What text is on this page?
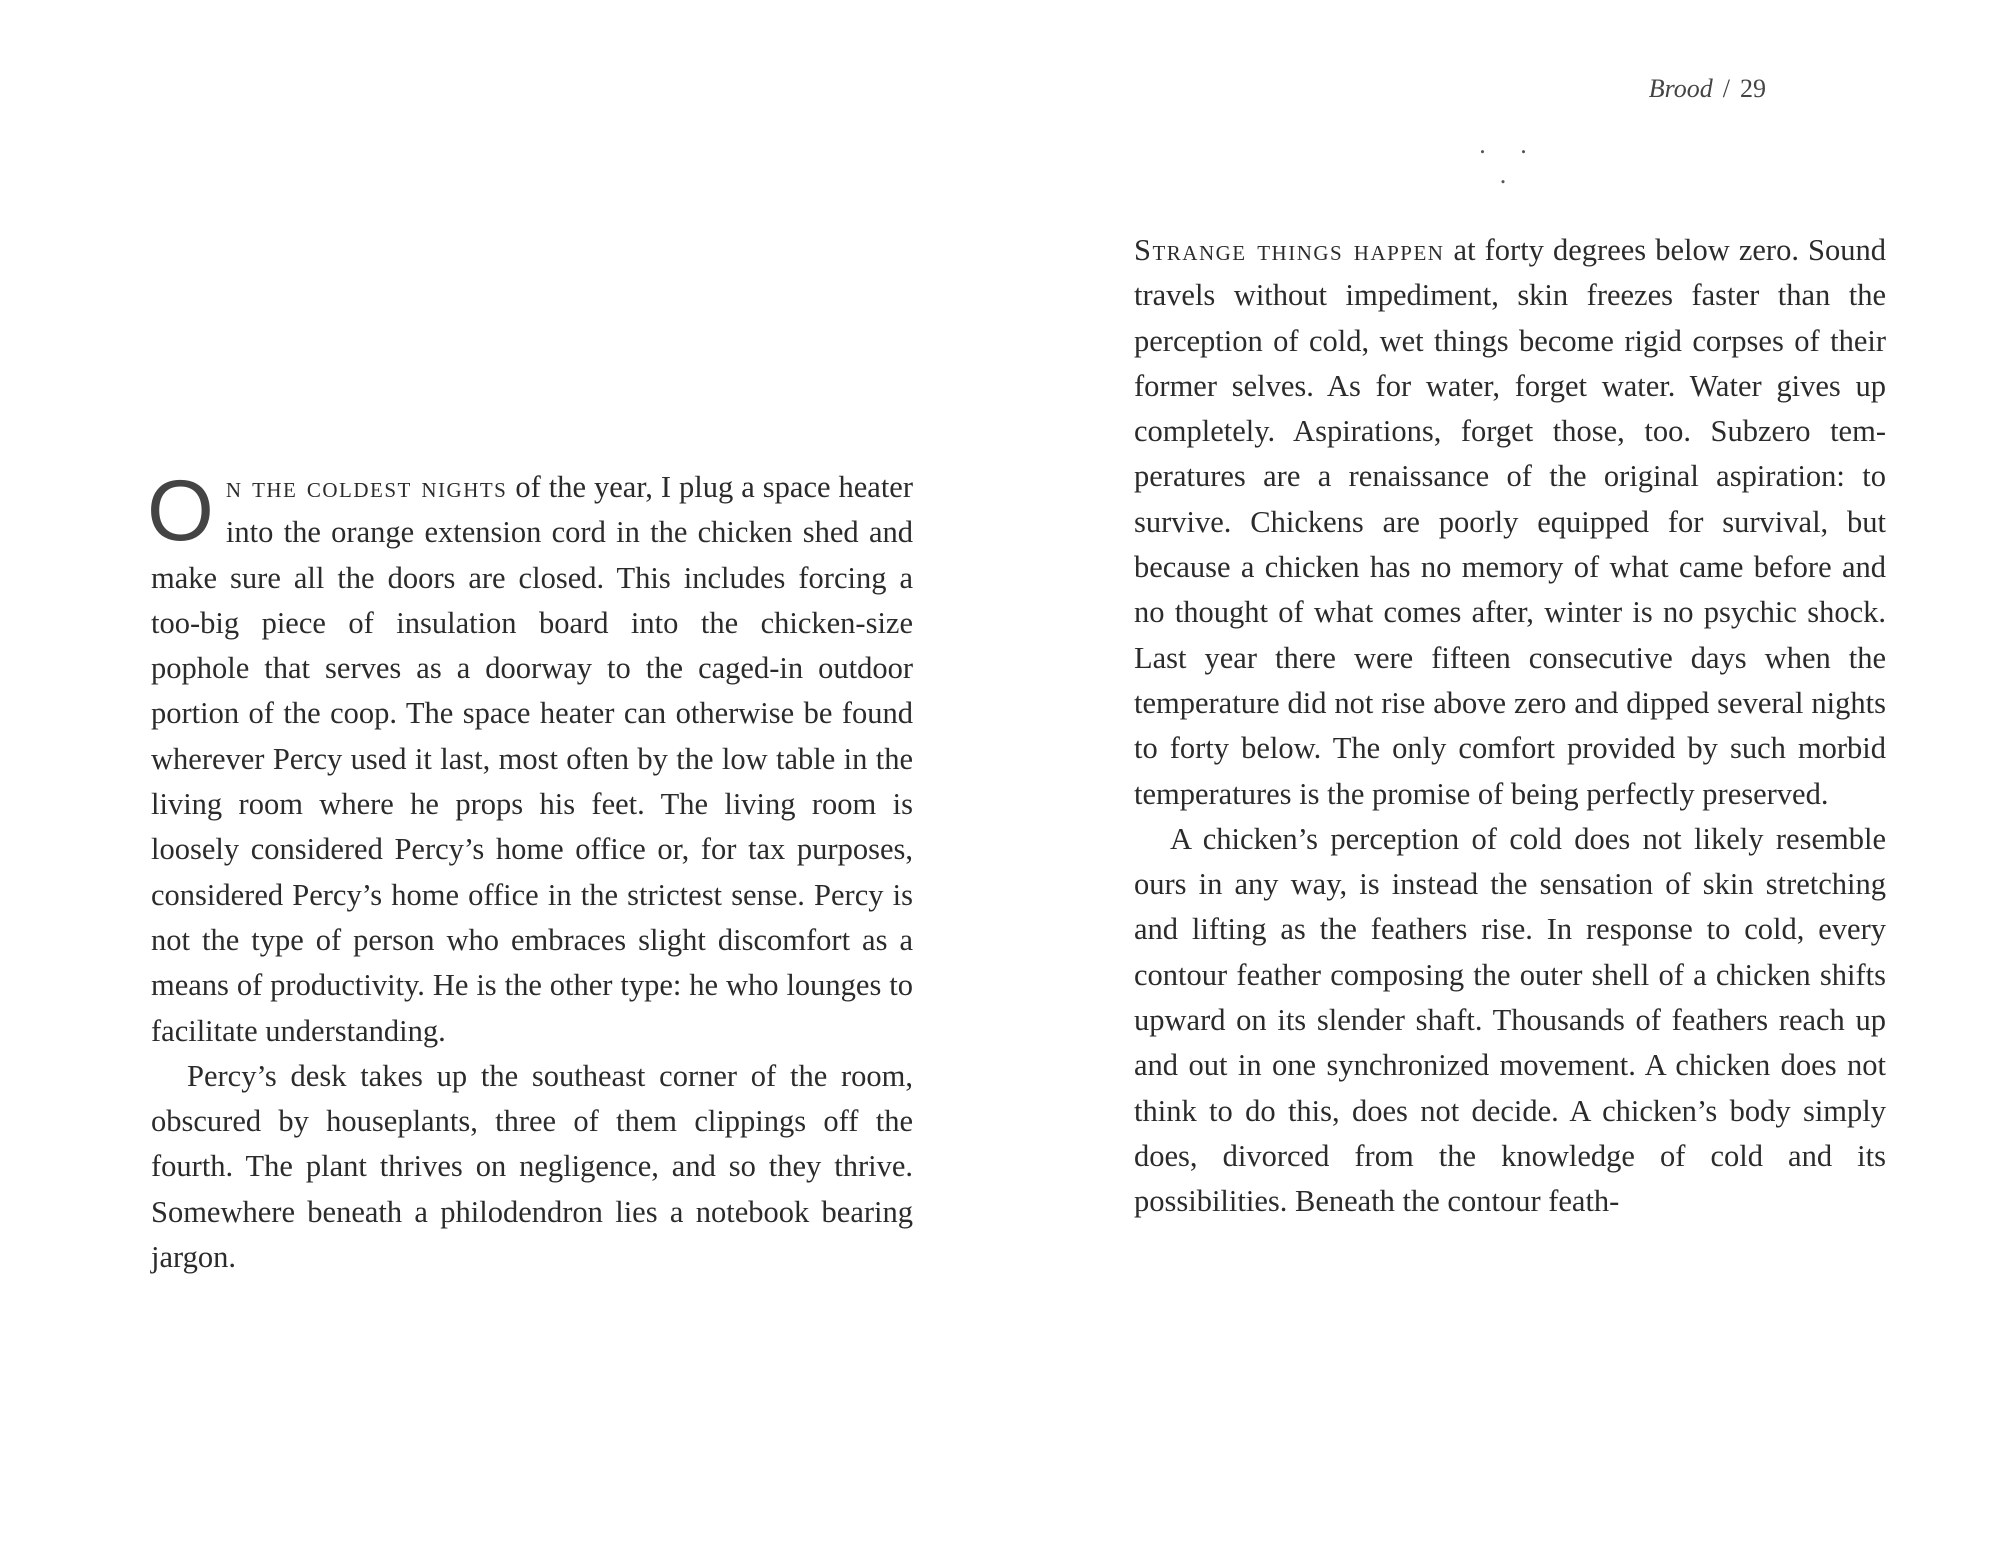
On the coldest nights of the year, I plug a space heater into the orange extension cord in the chicken shed and make sure all the doors are closed. This includes forcing a too-big piece of insulation board into the chicken-size pophole that serves as a doorway to the caged-in outdoor portion of the coop. The space heater can otherwise be found wherever Percy used it last, most often by the low table in the living room where he props his feet. The living room is loosely considered Percy’s home office or, for tax purposes, considered Percy’s home office in the strictest sense. Percy is not the type of person who embraces slight discomfort as a means of productivity. He is the other type: he who lounges to facilitate understanding.

Percy’s desk takes up the southeast corner of the room, obscured by houseplants, three of them clippings off the fourth. The plant thrives on negligence, and so they thrive. Somewhere beneath a philodendron lies a notebook bearing jargon.

Brood / 29
. . .

Strange things happen at forty degrees below zero. Sound travels without impediment, skin freezes faster than the perception of cold, wet things become rigid corpses of their former selves. As for water, forget water. Water gives up completely. Aspirations, forget those, too. Subzero temperatures are a renaissance of the original aspiration: to survive. Chickens are poorly equipped for survival, but because a chicken has no memory of what came before and no thought of what comes after, winter is no psychic shock. Last year there were fifteen consecutive days when the temperature did not rise above zero and dipped several nights to forty below. The only comfort provided by such morbid temperatures is the promise of being perfectly preserved.

A chicken’s perception of cold does not likely resemble ours in any way, is instead the sensation of skin stretching and lifting as the feathers rise. In response to cold, every contour feather composing the outer shell of a chicken shifts upward on its slender shaft. Thousands of feathers reach up and out in one synchronized movement. A chicken does not think to do this, does not decide. A chicken’s body simply does, divorced from the knowledge of cold and its possibilities. Beneath the contour feath-
